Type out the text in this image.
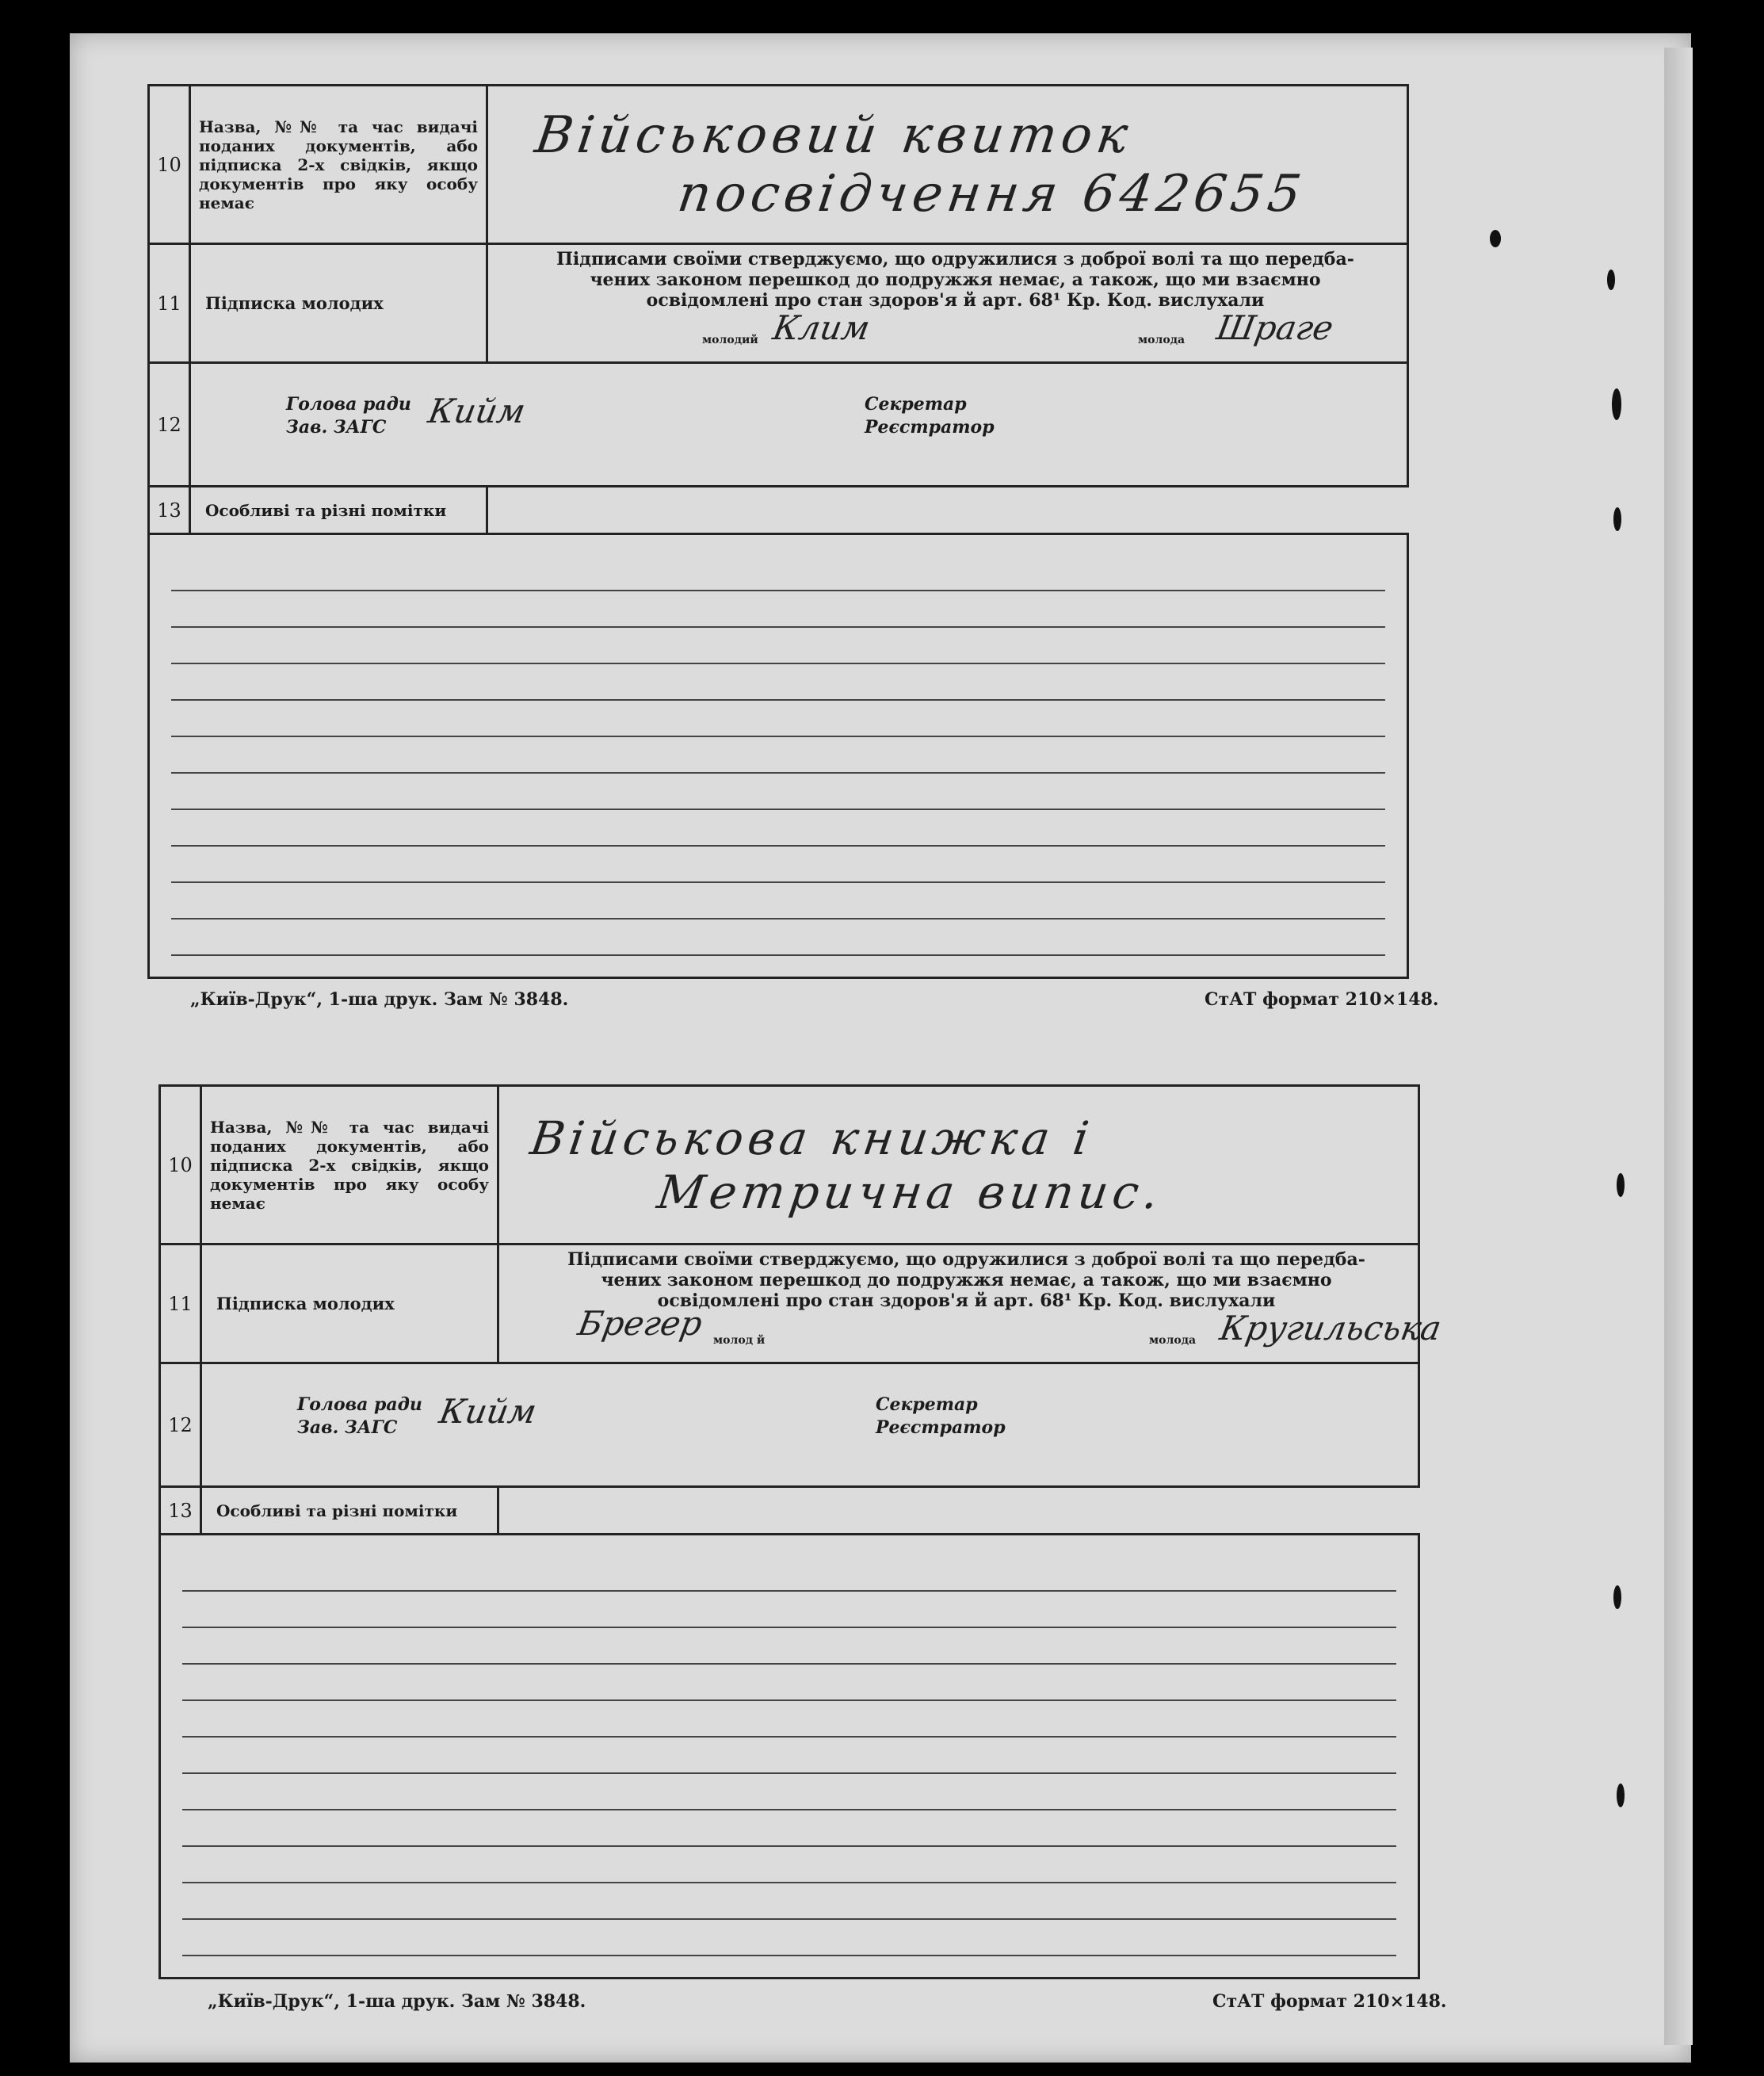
10	Назва, №№ та час видачі поданих документів, або підписка 2-х свідків, якщо документів про яку особу немає	Військовий квиток
посвідчення 642655

11	Підписка молодих	Підписами своїми стверджуємо, що одружилися з доброї волі та що передба-чених законом перешкод до подружжя немає, а також, що ми взаємно освідомлені про стан здоров'я й арт. 68¹ Кр. Код. вислухали
молодий Клим молода Шраге

12	Голова ради
Зав. ЗАГС Кийм Секретар
Реєстратор	

13	Особливі та різні помітки	

„Київ-Друк“, 1-ша друк. Зам № 3848.	СтАТ формат 210×148.
10	Назва, №№ та час видачі поданих документів, або підписка 2-х свідків, якщо документів про яку особу немає	Військова книжка і
Метрична випис.

11	Підписка молодих	Підписами своїми стверджуємо, що одружилися з доброї волі та що передба-чених законом перешкод до подружжя немає, а також, що ми взаємно освідомлені про стан здоров'я й арт. 68¹ Кр. Код. вислухали
Брегер молод й молода Кругильська

12	Голова ради
Зав. ЗАГС Кийм Секретар
Реєстратор	

13	Особливі та різні помітки	

„Київ-Друк“, 1-ша друк. Зам № 3848.	СтАТ формат 210×148.
